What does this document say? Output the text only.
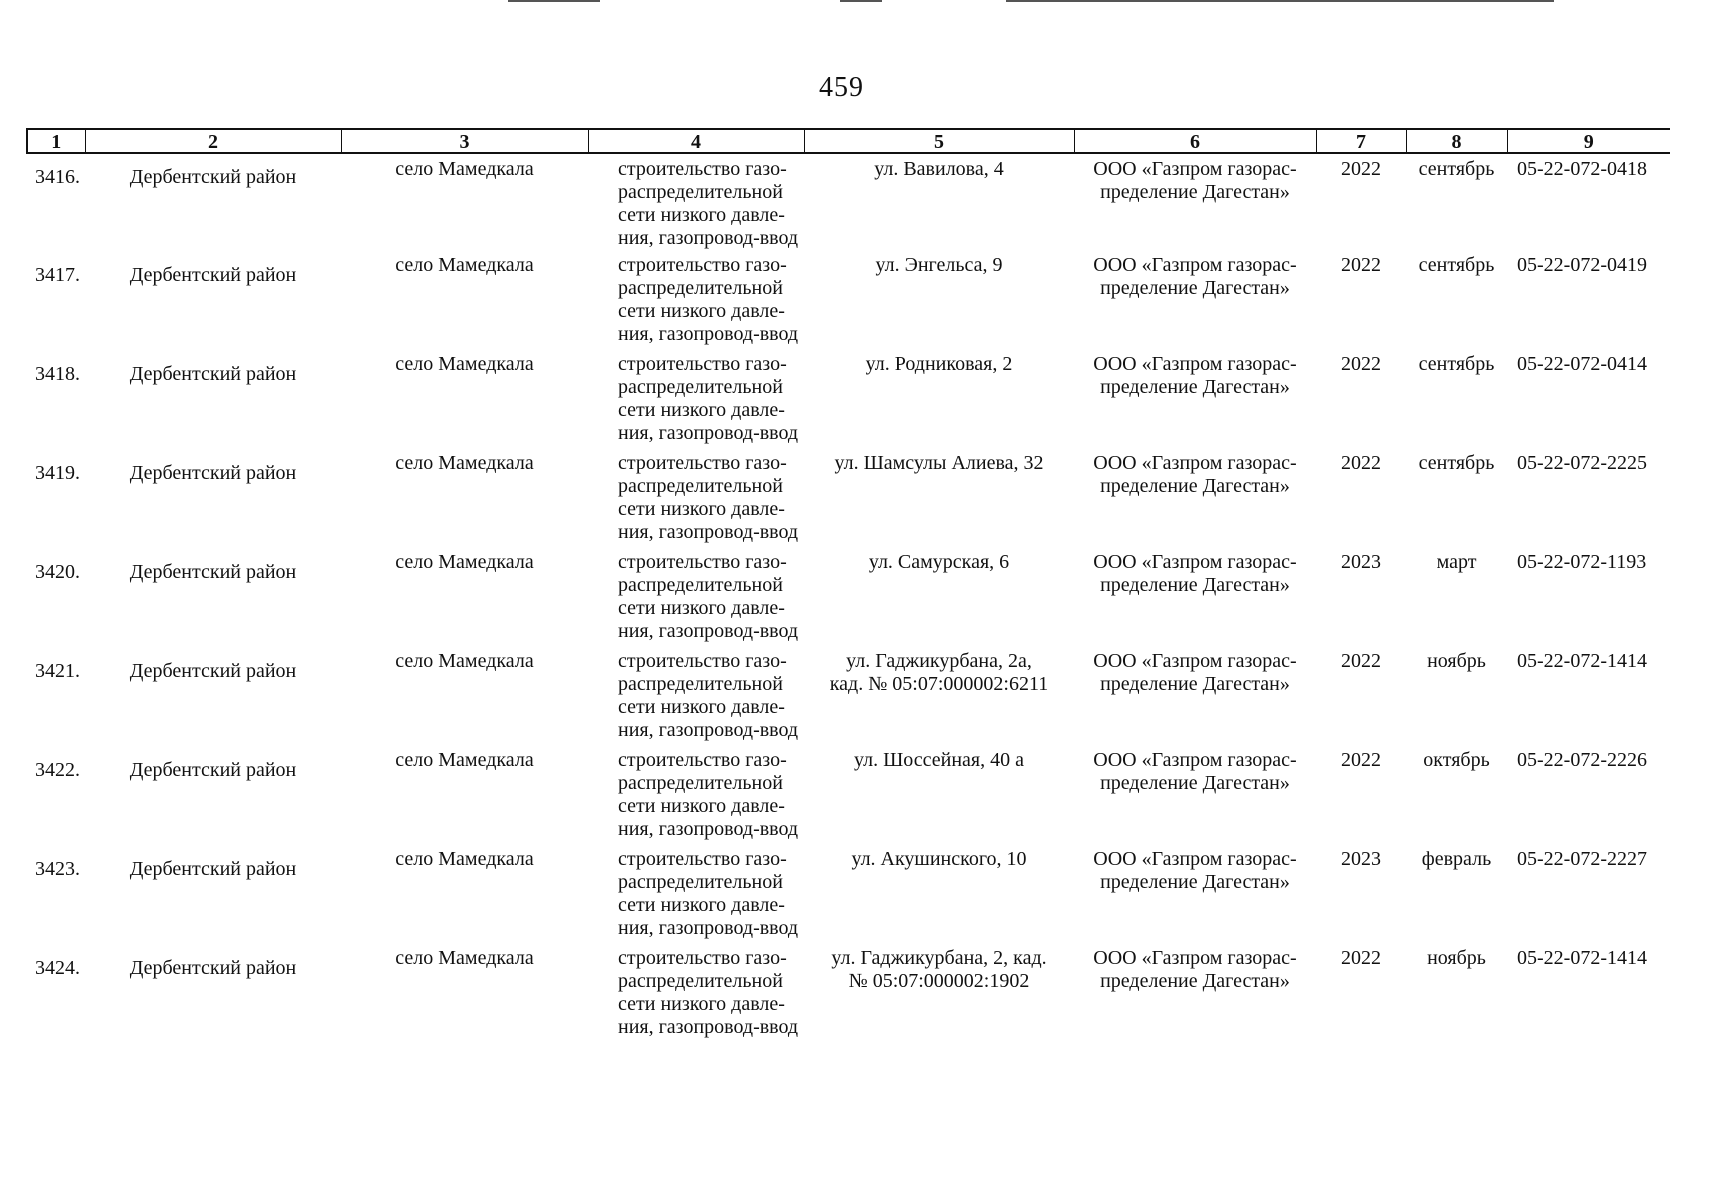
459
1	2	3	4	5	6	7	8	9
3416.	Дербентский район	село Мамедкала	строительство газо-
распределительной
сети низкого давле-
ния, газопровод-ввод	ул. Вавилова, 4	ООО «Газпром газорас-
пределение Дагестан»	2022	сентябрь	05-22-072-0418
3417.	Дербентский район	село Мамедкала	строительство газо-
распределительной
сети низкого давле-
ния, газопровод-ввод	ул. Энгельса, 9	ООО «Газпром газорас-
пределение Дагестан»	2022	сентябрь	05-22-072-0419
3418.	Дербентский район	село Мамедкала	строительство газо-
распределительной
сети низкого давле-
ния, газопровод-ввод	ул. Родниковая, 2	ООО «Газпром газорас-
пределение Дагестан»	2022	сентябрь	05-22-072-0414
3419.	Дербентский район	село Мамедкала	строительство газо-
распределительной
сети низкого давле-
ния, газопровод-ввод	ул. Шамсулы Алиева, 32	ООО «Газпром газорас-
пределение Дагестан»	2022	сентябрь	05-22-072-2225
3420.	Дербентский район	село Мамедкала	строительство газо-
распределительной
сети низкого давле-
ния, газопровод-ввод	ул. Самурская, 6	ООО «Газпром газорас-
пределение Дагестан»	2023	март	05-22-072-1193
3421.	Дербентский район	село Мамедкала	строительство газо-
распределительной
сети низкого давле-
ния, газопровод-ввод	ул. Гаджикурбана, 2а,
кад. № 05:07:000002:6211	ООО «Газпром газорас-
пределение Дагестан»	2022	ноябрь	05-22-072-1414
3422.	Дербентский район	село Мамедкала	строительство газо-
распределительной
сети низкого давле-
ния, газопровод-ввод	ул. Шоссейная, 40 а	ООО «Газпром газорас-
пределение Дагестан»	2022	октябрь	05-22-072-2226
3423.	Дербентский район	село Мамедкала	строительство газо-
распределительной
сети низкого давле-
ния, газопровод-ввод	ул. Акушинского, 10	ООО «Газпром газорас-
пределение Дагестан»	2023	февраль	05-22-072-2227
3424.	Дербентский район	село Мамедкала	строительство газо-
распределительной
сети низкого давле-
ния, газопровод-ввод	ул. Гаджикурбана, 2, кад.
№ 05:07:000002:1902	ООО «Газпром газорас-
пределение Дагестан»	2022	ноябрь	05-22-072-1414
